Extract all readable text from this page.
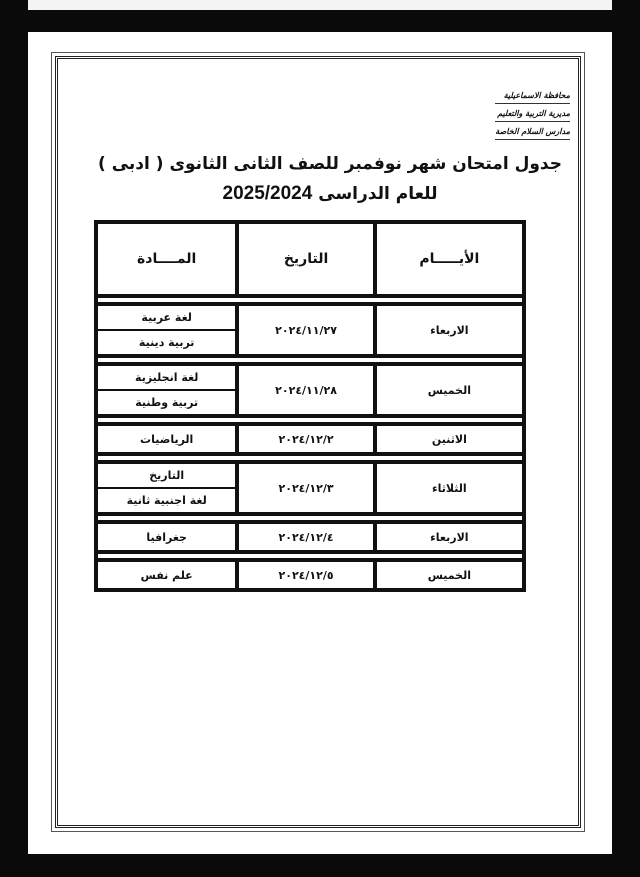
محافظة الاسماعيلية
مديرية التربية والتعليم
مدارس السلام الخاصة
جدول امتحان شهر نوفمبر للصف الثانى الثانوى ( ادبى )
للعام الدراسى 2025/2024
الأيـــــام	التاريخ	المــــادة

الاربعاء	٢٠٢٤/١١/٢٧	لغة عربية
تربية دينية

الخميس	٢٠٢٤/١١/٢٨	لغة انجليزية
تربية وطنية

الاثنين	٢٠٢٤/١٢/٢	الرياضيات

الثلاثاء	٢٠٢٤/١٢/٣	التاريخ
لغة اجنبية ثانية

الاربعاء	٢٠٢٤/١٢/٤	جغرافيا

الخميس	٢٠٢٤/١٢/٥	علم نفس
